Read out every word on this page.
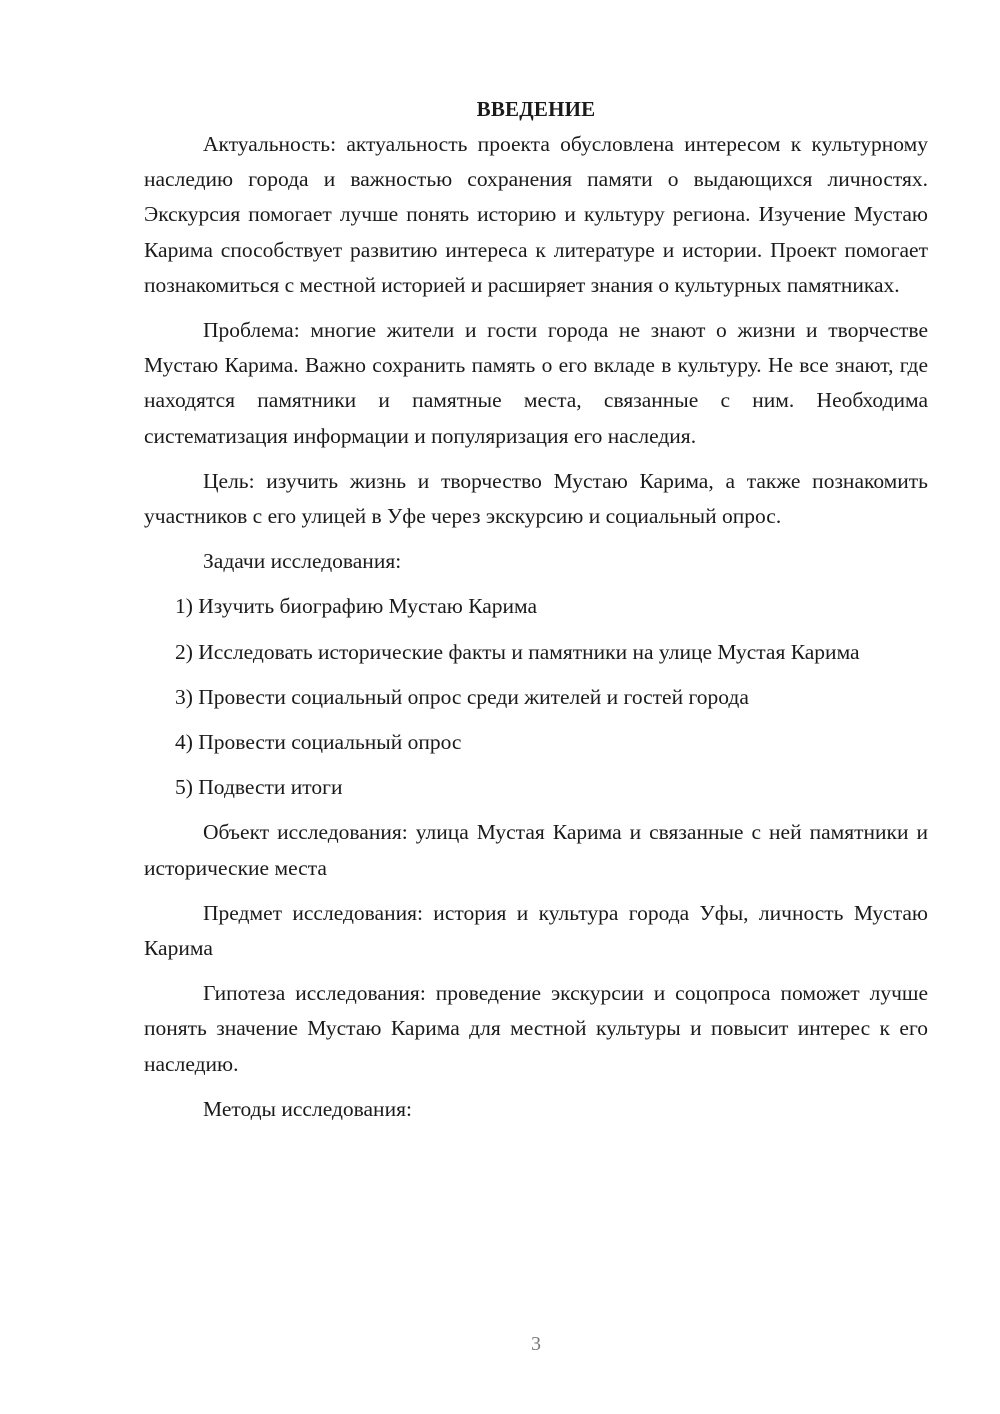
ВВЕДЕНИЕ

Актуальность: актуальность проекта обусловлена интересом к культурному наследию города и важностью сохранения памяти о выдающихся личностях. Экскурсия помогает лучше понять историю и культуру региона. Изучение Мустаю Карима способствует развитию интереса к литературе и истории. Проект помогает познакомиться с местной историей и расширяет знания о культурных памятниках.

Проблема: многие жители и гости города не знают о жизни и творчестве Мустаю Карима. Важно сохранить память о его вкладе в культуру. Не все знают, где находятся памятники и памятные места, связанные с ним. Необходима систематизация информации и популяризация его наследия.

Цель: изучить жизнь и творчество Мустаю Карима, а также познакомить участников с его улицей в Уфе через экскурсию и социальный опрос.

Задачи исследования:

1) Изучить биографию Мустаю Карима

2) Исследовать исторические факты и памятники на улице Мустая Карима

3) Провести социальный опрос среди жителей и гостей города

4) Провести социальный опрос

5) Подвести итоги

Объект исследования: улица Мустая Карима и связанные с ней памятники и исторические места

Предмет исследования: история и культура города Уфы, личность Мустаю Карима

Гипотеза исследования: проведение экскурсии и соцопроса поможет лучше понять значение Мустаю Карима для местной культуры и повысит интерес к его наследию.

Методы исследования:

3
